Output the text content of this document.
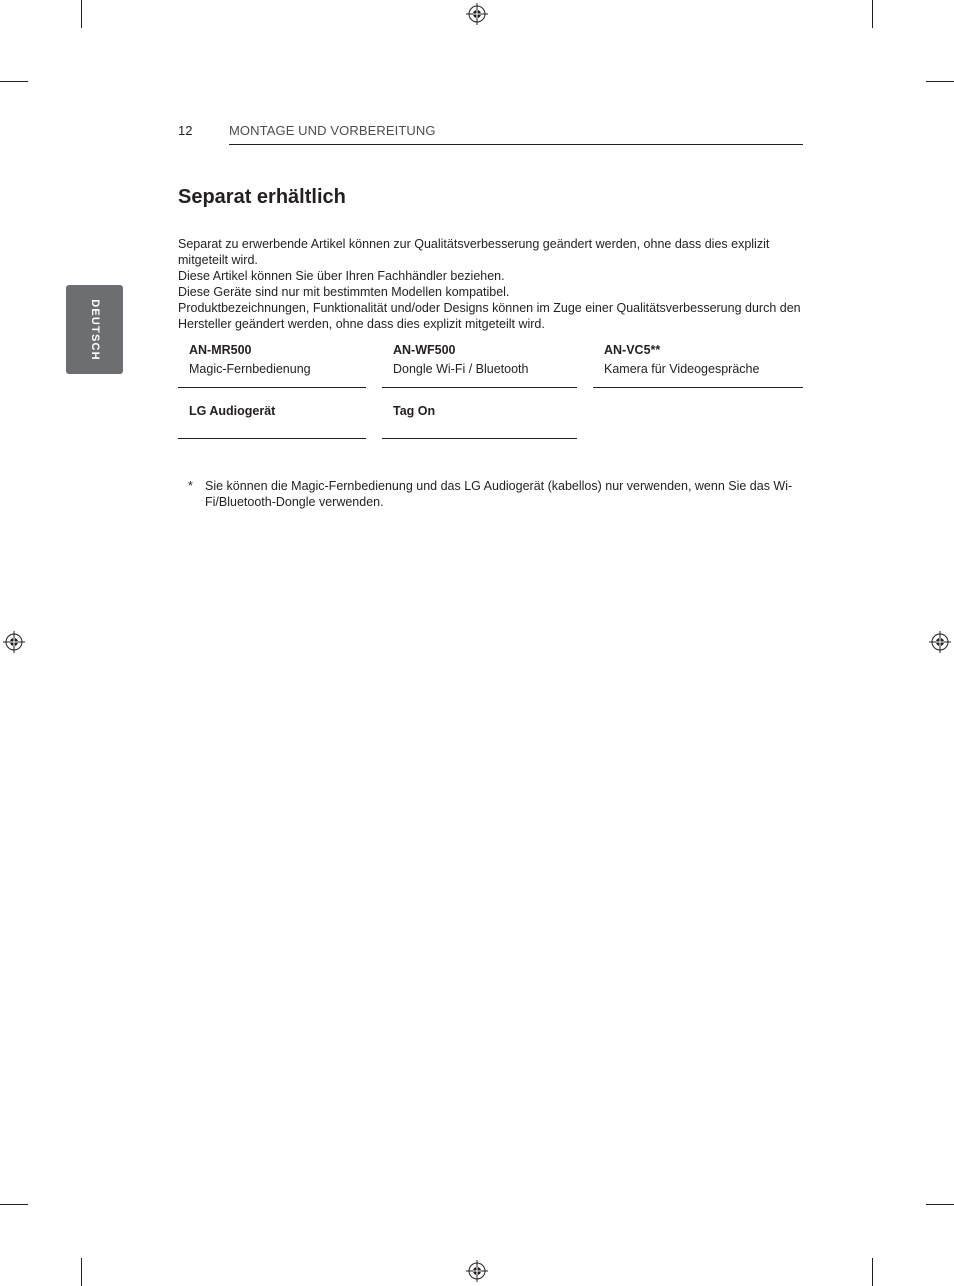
12	MONTAGE UND VORBEREITUNG
DEUTSCH
Separat erhältlich

Separat zu erwerbende Artikel können zur Qualitätsverbesserung geändert werden, ohne dass dies explizit mitgeteilt wird.

Diese Artikel können Sie über Ihren Fachhändler beziehen.

Diese Geräte sind nur mit bestimmten Modellen kompatibel.

Produktbezeichnungen, Funktionalität und/oder Designs können im Zuge einer Qualitätsverbesserung durch den Hersteller geändert werden, ohne dass dies explizit mitgeteilt wird.

AN-MR500
Magic-Fernbedienung
AN-WF500
Dongle Wi-Fi / Bluetooth
AN-VC5**
Kamera für Videogespräche
LG Audiogerät	Tag On
* Sie können die Magic-Fernbedienung und das LG Audiogerät (kabellos) nur verwenden, wenn Sie das Wi-Fi/Bluetooth-Dongle verwenden.
